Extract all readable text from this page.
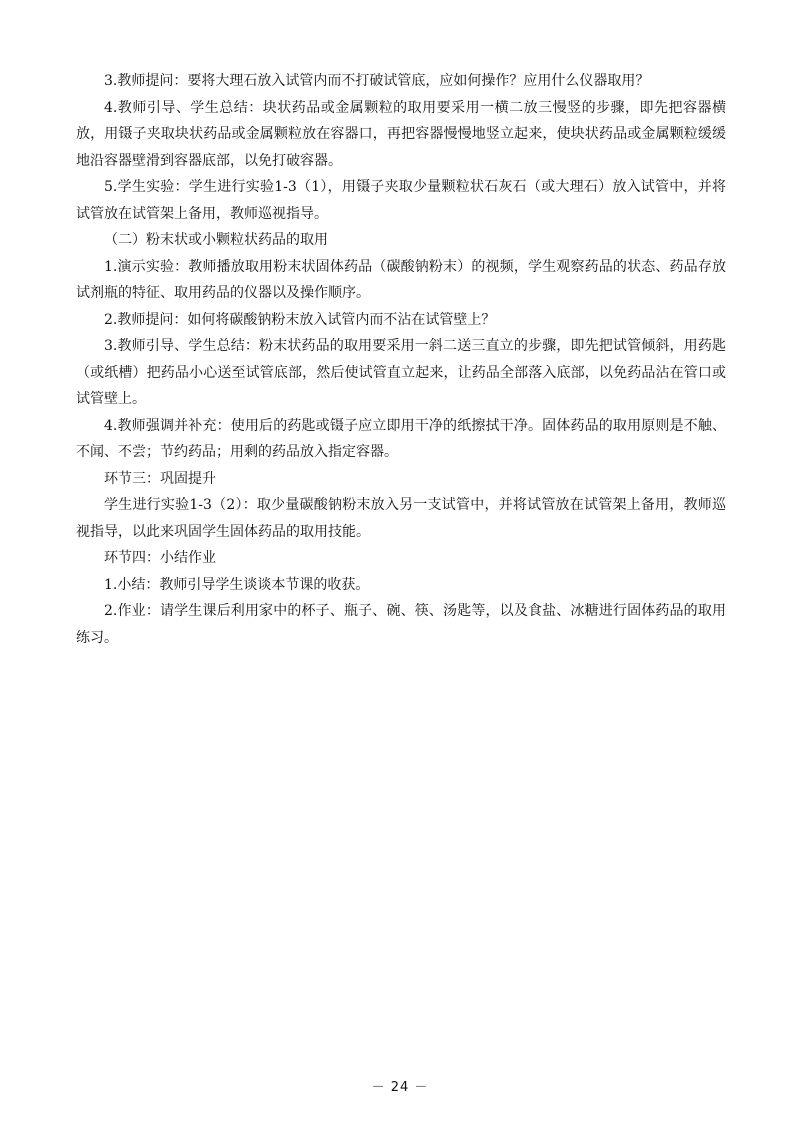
3.教师提问：要将大理石放入试管内而不打破试管底，应如何操作？应用什么仪器取用？

4.教师引导、学生总结：块状药品或金属颗粒的取用要采用一横二放三慢竖的步骤，即先把容器横放，用镊子夹取块状药品或金属颗粒放在容器口，再把容器慢慢地竖立起来，使块状药品或金属颗粒缓缓地沿容器壁滑到容器底部，以免打破容器。

5.学生实验：学生进行实验1-3（1），用镊子夹取少量颗粒状石灰石（或大理石）放入试管中，并将试管放在试管架上备用，教师巡视指导。

（二）粉末状或小颗粒状药品的取用

1.演示实验：教师播放取用粉末状固体药品（碳酸钠粉末）的视频，学生观察药品的状态、药品存放试剂瓶的特征、取用药品的仪器以及操作顺序。

2.教师提问：如何将碳酸钠粉末放入试管内而不沾在试管壁上？

3.教师引导、学生总结：粉末状药品的取用要采用一斜二送三直立的步骤，即先把试管倾斜，用药匙（或纸槽）把药品小心送至试管底部，然后使试管直立起来，让药品全部落入底部，以免药品沾在管口或试管壁上。

4.教师强调并补充：使用后的药匙或镊子应立即用干净的纸擦拭干净。固体药品的取用原则是不触、不闻、不尝；节约药品；用剩的药品放入指定容器。

环节三：巩固提升

学生进行实验1-3（2）：取少量碳酸钠粉末放入另一支试管中，并将试管放在试管架上备用，教师巡视指导，以此来巩固学生固体药品的取用技能。

环节四：小结作业

1.小结：教师引导学生谈谈本节课的收获。

2.作业：请学生课后利用家中的杯子、瓶子、碗、筷、汤匙等，以及食盐、冰糖进行固体药品的取用练习。

－ 24 －
